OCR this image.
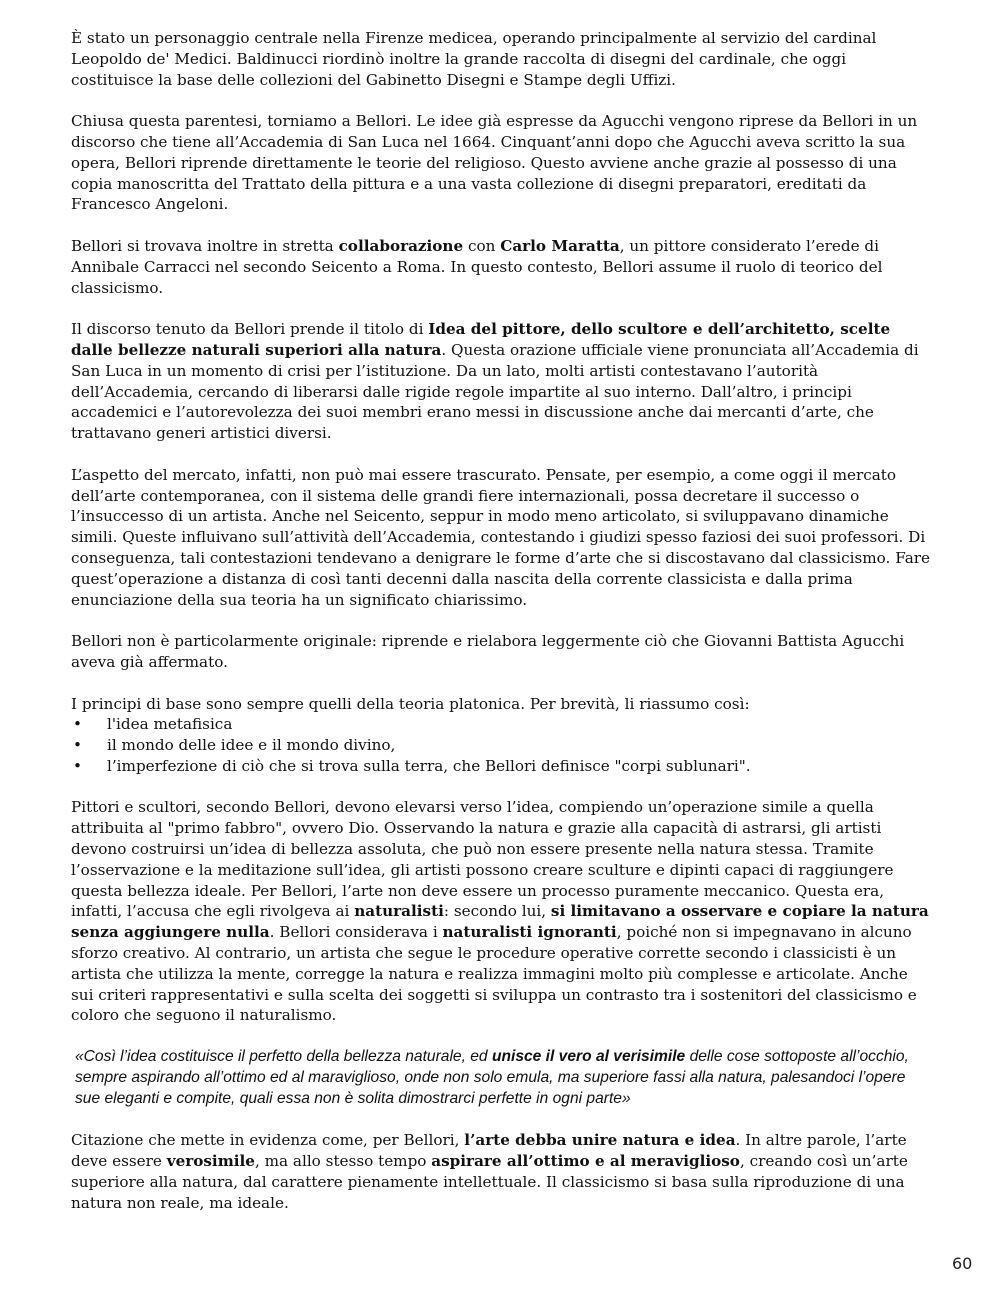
È stato un personaggio centrale nella Firenze medicea, operando principalmente al servizio del cardinal Leopoldo de' Medici. Baldinucci riordinò inoltre la grande raccolta di disegni del cardinale, che oggi costituisce la base delle collezioni del Gabinetto Disegni e Stampe degli Uffizi.

Chiusa questa parentesi, torniamo a Bellori. Le idee già espresse da Agucchi vengono riprese da Bellori in un discorso che tiene all’Accademia di San Luca nel 1664. Cinquant’anni dopo che Agucchi aveva scritto la sua opera, Bellori riprende direttamente le teorie del religioso. Questo avviene anche grazie al possesso di una copia manoscritta del Trattato della pittura e a una vasta collezione di disegni preparatori, ereditati da Francesco Angeloni.

Bellori si trovava inoltre in stretta collaborazione con Carlo Maratta, un pittore considerato l’erede di Annibale Carracci nel secondo Seicento a Roma. In questo contesto, Bellori assume il ruolo di teorico del classicismo.

Il discorso tenuto da Bellori prende il titolo di Idea del pittore, dello scultore e dell’architetto, scelte dalle bellezze naturali superiori alla natura. Questa orazione ufficiale viene pronunciata all’Accademia di San Luca in un momento di crisi per l’istituzione. Da un lato, molti artisti contestavano l’autorità dell’Accademia, cercando di liberarsi dalle rigide regole impartite al suo interno. Dall’altro, i principi accademici e l’autorevolezza dei suoi membri erano messi in discussione anche dai mercanti d’arte, che trattavano generi artistici diversi.

L’aspetto del mercato, infatti, non può mai essere trascurato. Pensate, per esempio, a come oggi il mercato dell’arte contemporanea, con il sistema delle grandi fiere internazionali, possa decretare il successo o l’insuccesso di un artista. Anche nel Seicento, seppur in modo meno articolato, si sviluppavano dinamiche simili. Queste influivano sull’attività dell’Accademia, contestando i giudizi spesso faziosi dei suoi professori. Di conseguenza, tali contestazioni tendevano a denigrare le forme d’arte che si discostavano dal classicismo. Fare quest’operazione a distanza di così tanti decenni dalla nascita della corrente classicista e dalla prima enunciazione della sua teoria ha un significato chiarissimo.

Bellori non è particolarmente originale: riprende e rielabora leggermente ciò che Giovanni Battista Agucchi aveva già affermato.

I principi di base sono sempre quelli della teoria platonica. Per brevità, li riassumo così:

• l'idea metafisica
• il mondo delle idee e il mondo divino,
• l’imperfezione di ciò che si trova sulla terra, che Bellori definisce "corpi sublunari".

Pittori e scultori, secondo Bellori, devono elevarsi verso l’idea, compiendo un’operazione simile a quella attribuita al "primo fabbro", ovvero Dio. Osservando la natura e grazie alla capacità di astrarsi, gli artisti devono costruirsi un’idea di bellezza assoluta, che può non essere presente nella natura stessa. Tramite l’osservazione e la meditazione sull’idea, gli artisti possono creare sculture e dipinti capaci di raggiungere questa bellezza ideale. Per Bellori, l’arte non deve essere un processo puramente meccanico. Questa era, infatti, l’accusa che egli rivolgeva ai naturalisti: secondo lui, si limitavano a osservare e copiare la natura senza aggiungere nulla. Bellori considerava i naturalisti ignoranti, poiché non si impegnavano in alcuno sforzo creativo. Al contrario, un artista che segue le procedure operative corrette secondo i classicisti è un artista che utilizza la mente, corregge la natura e realizza immagini molto più complesse e articolate. Anche sui criteri rappresentativi e sulla scelta dei soggetti si sviluppa un contrasto tra i sostenitori del classicismo e coloro che seguono il naturalismo.

«Così l’idea costituisce il perfetto della bellezza naturale, ed unisce il vero al verisimile delle cose sottoposte all’occhio, sempre aspirando all’ottimo ed al maraviglioso, onde non solo emula, ma superiore fassi alla natura, palesandoci l’opere sue eleganti e compite, quali essa non è solita dimostrarci perfette in ogni parte»

Citazione che mette in evidenza come, per Bellori, l’arte debba unire natura e idea. In altre parole, l’arte deve essere verosimile, ma allo stesso tempo aspirare all’ottimo e al meraviglioso, creando così un’arte superiore alla natura, dal carattere pienamente intellettuale. Il classicismo si basa sulla riproduzione di una natura non reale, ma ideale.

60
